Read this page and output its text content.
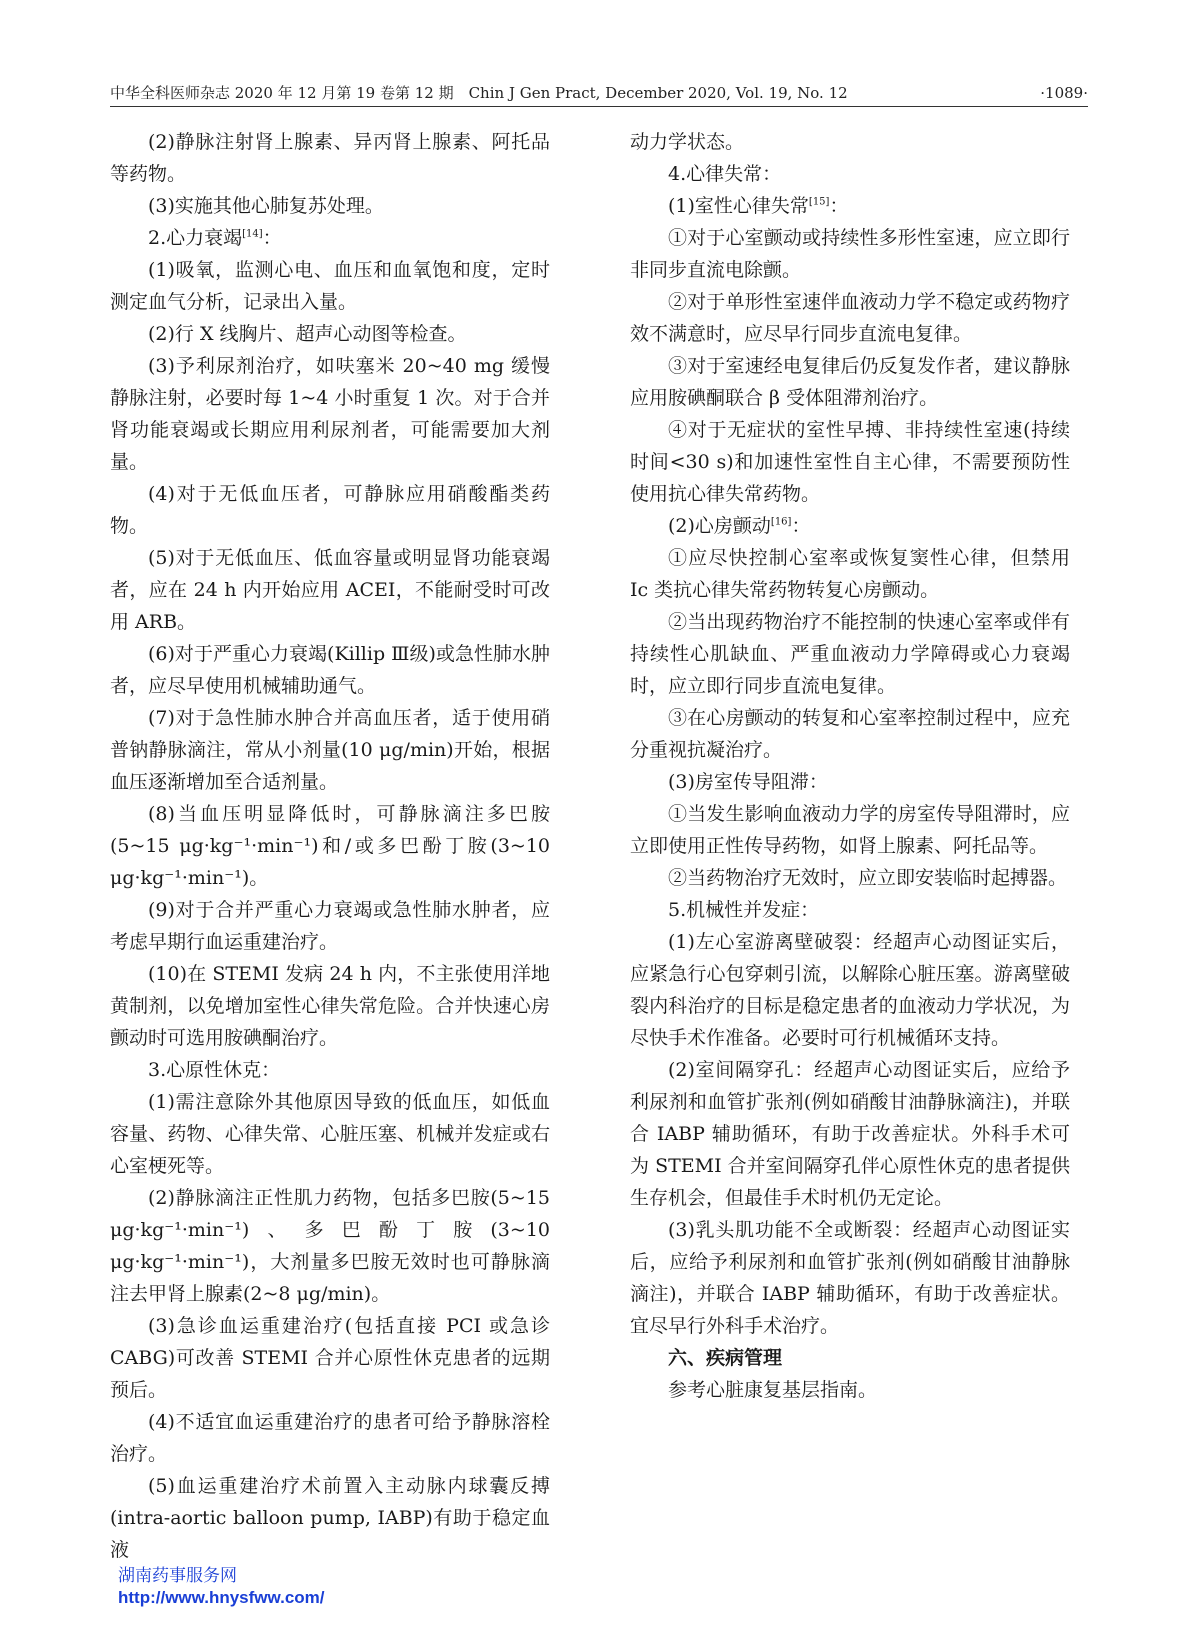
中华全科医师杂志 2020 年 12 月第 19 卷第 12 期　Chin J Gen Pract, December 2020, Vol. 19, No. 12	·1089·

(2)静脉注射肾上腺素、异丙肾上腺素、阿托品等药物。

(3)实施其他心肺复苏处理。

2.心力衰竭[14]：

(1)吸氧，监测心电、血压和血氧饱和度，定时测定血气分析，记录出入量。

(2)行 X 线胸片、超声心动图等检查。

(3)予利尿剂治疗，如呋塞米 20~40 mg 缓慢静脉注射，必要时每 1~4 小时重复 1 次。对于合并肾功能衰竭或长期应用利尿剂者，可能需要加大剂量。

(4)对于无低血压者，可静脉应用硝酸酯类药物。

(5)对于无低血压、低血容量或明显肾功能衰竭者，应在 24 h 内开始应用 ACEI，不能耐受时可改用 ARB。

(6)对于严重心力衰竭(Killip Ⅲ级)或急性肺水肿者，应尽早使用机械辅助通气。

(7)对于急性肺水肿合并高血压者，适于使用硝普钠静脉滴注，常从小剂量(10 μg/min)开始，根据血压逐渐增加至合适剂量。

(8)当血压明显降低时，可静脉滴注多巴胺(5~15 μg·kg⁻¹·min⁻¹)和/或多巴酚丁胺(3~10 μg·kg⁻¹·min⁻¹)。

(9)对于合并严重心力衰竭或急性肺水肿者，应考虑早期行血运重建治疗。

(10)在 STEMI 发病 24 h 内，不主张使用洋地黄制剂，以免增加室性心律失常危险。合并快速心房颤动时可选用胺碘酮治疗。

3.心原性休克：

(1)需注意除外其他原因导致的低血压，如低血容量、药物、心律失常、心脏压塞、机械并发症或右心室梗死等。

(2)静脉滴注正性肌力药物，包括多巴胺(5~15 μg·kg⁻¹·min⁻¹)、多巴酚丁胺(3~10 μg·kg⁻¹·min⁻¹)，大剂量多巴胺无效时也可静脉滴注去甲肾上腺素(2~8 μg/min)。

(3)急诊血运重建治疗(包括直接 PCI 或急诊 CABG)可改善 STEMI 合并心原性休克患者的远期预后。

(4)不适宜血运重建治疗的患者可给予静脉溶栓治疗。

(5)血运重建治疗术前置入主动脉内球囊反搏(intra-aortic balloon pump, IABP)有助于稳定血液

动力学状态。

4.心律失常：

(1)室性心律失常[15]：

①对于心室颤动或持续性多形性室速，应立即行非同步直流电除颤。

②对于单形性室速伴血液动力学不稳定或药物疗效不满意时，应尽早行同步直流电复律。

③对于室速经电复律后仍反复发作者，建议静脉应用胺碘酮联合 β 受体阻滞剂治疗。

④对于无症状的室性早搏、非持续性室速(持续时间<30 s)和加速性室性自主心律，不需要预防性使用抗心律失常药物。

(2)心房颤动[16]：

①应尽快控制心室率或恢复窦性心律，但禁用 Ⅰc 类抗心律失常药物转复心房颤动。

②当出现药物治疗不能控制的快速心室率或伴有持续性心肌缺血、严重血液动力学障碍或心力衰竭时，应立即行同步直流电复律。

③在心房颤动的转复和心室率控制过程中，应充分重视抗凝治疗。

(3)房室传导阻滞：

①当发生影响血液动力学的房室传导阻滞时，应立即使用正性传导药物，如肾上腺素、阿托品等。

②当药物治疗无效时，应立即安装临时起搏器。

5.机械性并发症：

(1)左心室游离壁破裂：经超声心动图证实后，应紧急行心包穿刺引流，以解除心脏压塞。游离壁破裂内科治疗的目标是稳定患者的血液动力学状况，为尽快手术作准备。必要时可行机械循环支持。

(2)室间隔穿孔：经超声心动图证实后，应给予利尿剂和血管扩张剂(例如硝酸甘油静脉滴注)，并联合 IABP 辅助循环，有助于改善症状。外科手术可为 STEMI 合并室间隔穿孔伴心原性休克的患者提供生存机会，但最佳手术时机仍无定论。

(3)乳头肌功能不全或断裂：经超声心动图证实后，应给予利尿剂和血管扩张剂(例如硝酸甘油静脉滴注)，并联合 IABP 辅助循环，有助于改善症状。宜尽早行外科手术治疗。

六、疾病管理

参考心脏康复基层指南。

湖南药事服务网
http://www.hnysfww.com/
